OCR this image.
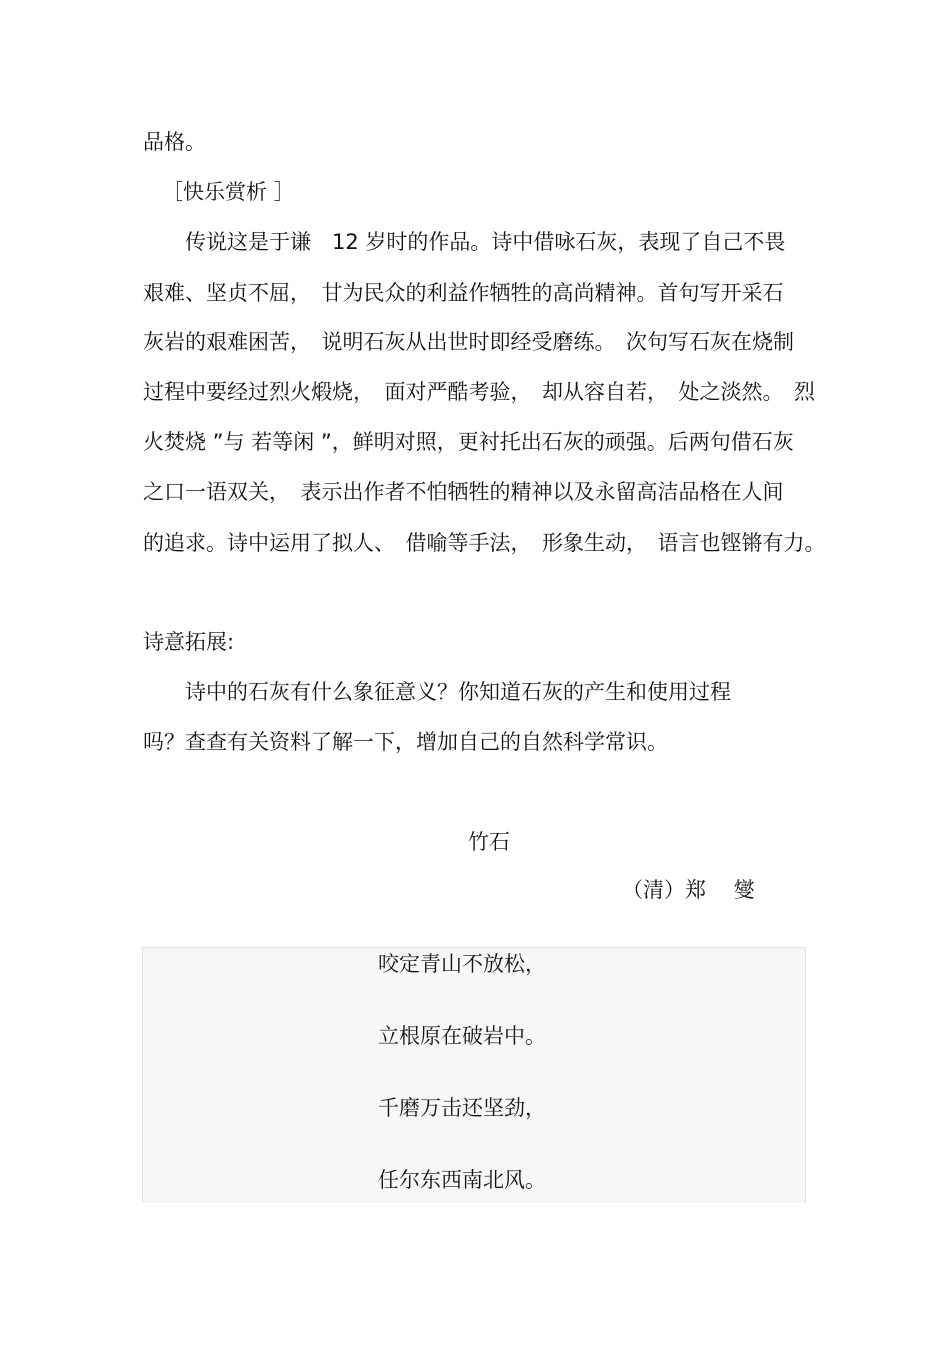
品格。
［快乐赏析 ］
　　传说这是于谦　12 岁时的作品。诗中借咏石灰，表现了自己不畏
艰难、坚贞不屈，　甘为民众的利益作牺牲的高尚精神。首句写开采石
灰岩的艰难困苦，　说明石灰从出世时即经受磨练。　次句写石灰在烧制
过程中要经过烈火煅烧，　面对严酷考验，　却从容自若，　处之淡然。　烈
火焚烧 ”与 若等闲 ”，鲜明对照，更衬托出石灰的顽强。后两句借石灰
之口一语双关，　表示出作者不怕牺牲的精神以及永留高洁品格在人间
的追求。诗中运用了拟人、　借喻等手法，　形象生动，　语言也铿锵有力。
诗意拓展:
　　诗中的石灰有什么象征意义？你知道石灰的产生和使用过程
吗？查查有关资料了解一下，增加自己的自然科学常识。
竹石
（清）郑　 燮
咬定青山不放松，
立根原在破岩中。
千磨万击还坚劲，
任尔东西南北风。
